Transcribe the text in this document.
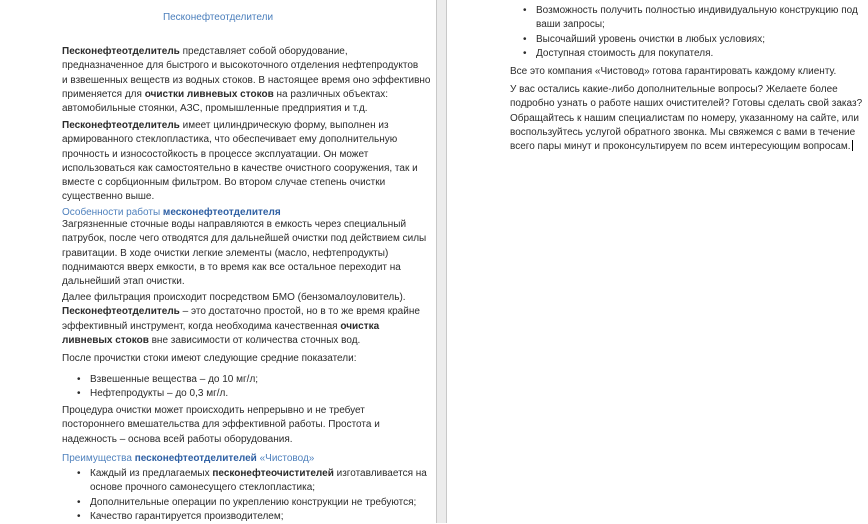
Песконефтеотделители
Песконефтеотделитель представляет собой оборудование,
предназначенное для быстрого и высокоточного отделения нефтепродуктов
и взвешенных веществ из водных стоков. В настоящее время оно эффективно
применяется для очистки ливневых стоков на различных объектах:
автомобильные стоянки, АЗС, промышленные предприятия и т.д.
Песконефтеотделитель имеет цилиндрическую форму, выполнен из
армированного стеклопластика, что обеспечивает ему дополнительную
прочность и износостойкость в процессе эксплуатации. Он может
использоваться как самостоятельно в качестве очистного сооружения, так и
вместе с сорбционным фильтром. Во втором случае степень очистки
существенно выше.
Особенности работы месконефтеотделителя
Загрязненные сточные воды направляются в емкость через специальный
патрубок, после чего отводятся для дальнейшей очистки под действием силы
гравитации. В ходе очистки легкие элементы (масло, нефтепродукты)
поднимаются вверх емкости, в то время как все остальное переходит на
дальнейший этап очистки.
Далее фильтрация происходит посредством БМО (бензомалоуловитель).
Песконефтеотделитель – это достаточно простой, но в то же время крайне
эффективный инструмент, когда необходима качественная очистка
ливневых стоков вне зависимости от количества сточных вод.
После прочистки стоки имеют следующие средние показатели:
• Взвешенные вещества – до 10 мг/л;
• Нефтепродукты – до 0,3 мг/л.
Процедура очистки может происходить непрерывно и не требует
постороннего вмешательства для эффективной работы. Простота и
надежность – основа всей работы оборудования.
Преимущества песконефтеотделителей «Чистовод»
• Каждый из предлагаемых песконефтеочистителей изготавливается на
основе прочного самонесущего стеклопластика;
• Дополнительные операции по укреплению конструкции не требуются;
• Качество гарантируется производителем;
• Возможность получить полностью индивидуальную конструкцию под
ваши запросы;
• Высочайший уровень очистки в любых условиях;
• Доступная стоимость для покупателя.
Все это компания «Чистовод» готова гарантировать каждому клиенту.
У вас остались какие-либо дополнительные вопросы? Желаете более
подробно узнать о работе наших очистителей? Готовы сделать свой заказ?
Обращайтесь к нашим специалистам по номеру, указанному на сайте, или
воспользуйтесь услугой обратного звонка. Мы свяжемся с вами в течение
всего пары минут и проконсультируем по всем интересующим вопросам.
